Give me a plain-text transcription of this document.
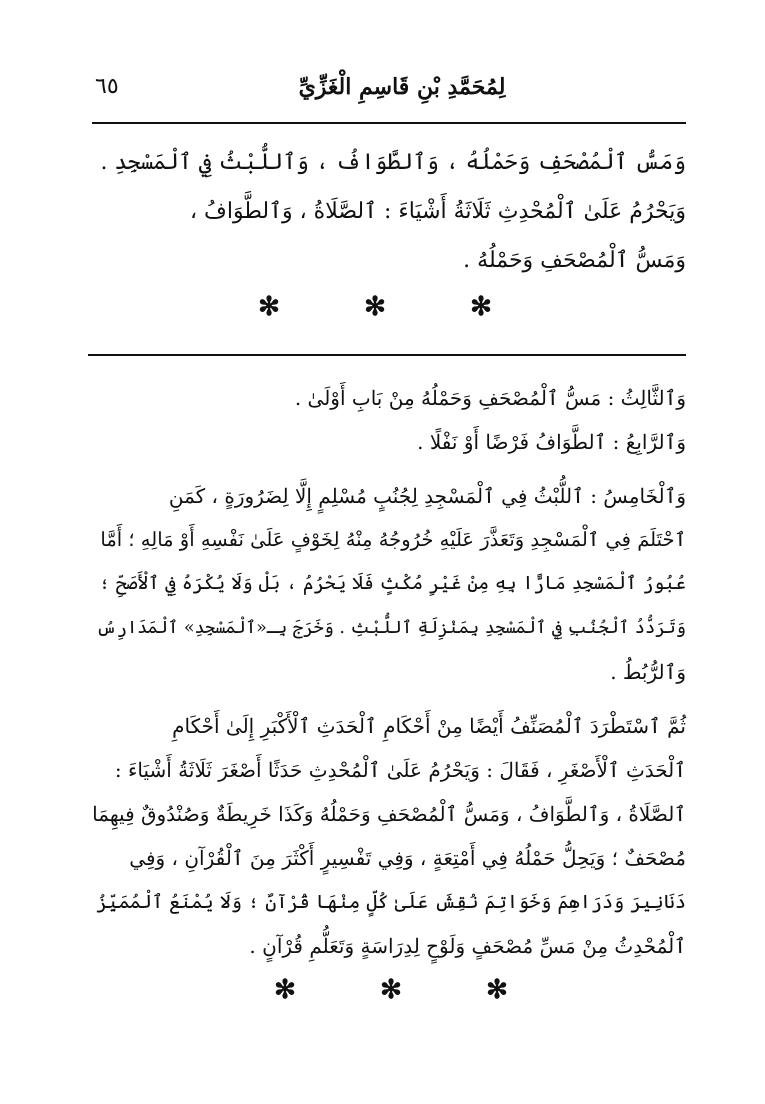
لِمُحَمَّدِ بْنِ قَاسِمِ الْغَزِّيِّ
٦٥
وَمَسُّ ٱلْمُصْحَفِ وَحَمْلُهُ ، وَٱلطَّوَافُ ، وَٱللُّبْثُ فِي ٱلْمَسْجِدِ .
وَيَحْرُمُ عَلَىٰ ٱلْمُحْدِثِ ثَلَاثَةُ أَشْيَاءَ : ٱلصَّلَاةُ ، وَٱلطَّوَافُ ،
وَمَسُّ ٱلْمُصْحَفِ وَحَمْلُهُ .
✻	✻	✻
وَٱلثَّالِثُ : مَسُّ ٱلْمُصْحَفِ وَحَمْلُهُ مِنْ بَابِ أَوْلَىٰ .
وَٱلرَّابِعُ : ٱلطَّوَافُ فَرْضًا أَوْ نَفْلًا .
وَٱلْخَامِسُ : ٱللُّبْثُ فِي ٱلْمَسْجِدِ لِجُنُبٍ مُسْلِمٍ إِلَّا لِضَرُورَةٍ ، كَمَنِ
ٱحْتَلَمَ فِي ٱلْمَسْجِدِ وَتَعَذَّرَ عَلَيْهِ خُرُوجُهُ مِنْهُ لِخَوْفٍ عَلَىٰ نَفْسِهِ أَوْ مَالِهِ ؛ أَمَّا
عُبُورُ ٱلْمَسْجِدِ مَارًّا بِهِ مِنْ غَيْرِ مُكْثٍ فَلَا يَحْرُمُ ، بَلْ وَلَا يُكْرَهُ فِي ٱلْأَصَحِّ ؛
وَتَرَدُّدُ ٱلْجُنُبِ فِي ٱلْمَسْجِدِ بِمَنْزِلَةِ ٱللُّبْثِ . وَخَرَجَ بِـ«ٱلْمَسْجِدِ» ٱلْمَدَارِسُ
وَٱلرُّبُطُ .
ثُمَّ ٱسْتَطْرَدَ ٱلْمُصَنِّفُ أَيْضًا مِنْ أَحْكَامِ ٱلْحَدَثِ ٱلْأَكْبَرِ إِلَىٰ أَحْكَامِ
ٱلْحَدَثِ ٱلْأَصْغَرِ ، فَقَالَ : وَيَحْرُمُ عَلَىٰ ٱلْمُحْدِثِ حَدَثًا أَصْغَرَ ثَلَاثَةُ أَشْيَاءَ :
ٱلصَّلَاةُ ، وَٱلطَّوَافُ ، وَمَسُّ ٱلْمُصْحَفِ وَحَمْلُهُ وَكَذَا خَرِيطَةٌ وَصُنْدُوقٌ فِيهِمَا
مُصْحَفٌ ؛ وَيَحِلُّ حَمْلُهُ فِي أَمْتِعَةٍ ، وَفِي تَفْسِيرٍ أَكْثَرَ مِنَ ٱلْقُرْآنِ ، وَفِي
دَنَانِيرَ وَدَرَاهِمَ وَخَوَاتِمَ نُقِشَ عَلَىٰ كُلٍّ مِنْهَا قُرْآنٌ ؛ وَلَا يُمْنَعُ ٱلْمُمَيِّزُ
ٱلْمُحْدِثُ مِنْ مَسِّ مُصْحَفٍ وَلَوْحٍ لِدِرَاسَةٍ وَتَعَلُّمِ قُرْآنٍ .
✻	✻	✻
